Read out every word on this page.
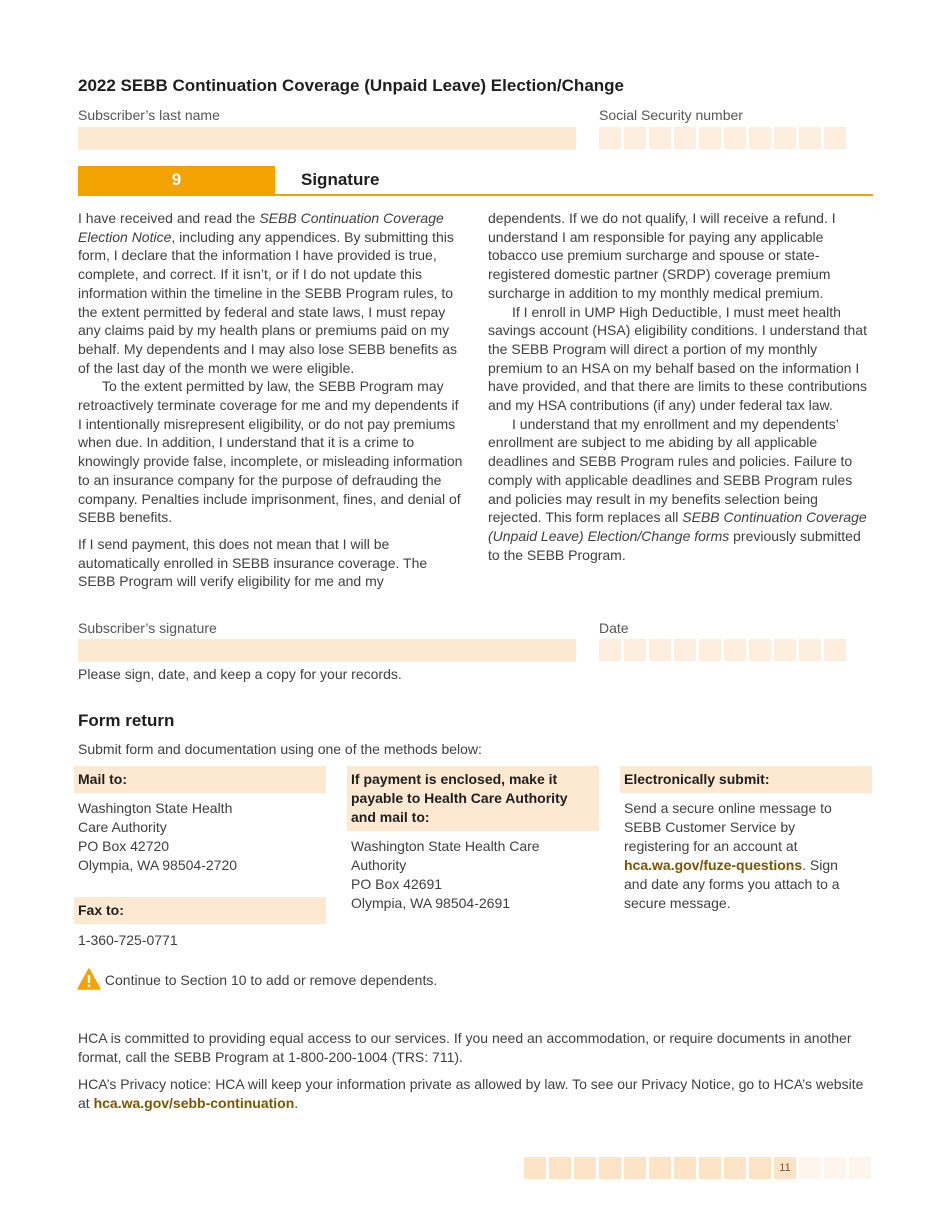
2022 SEBB Continuation Coverage (Unpaid Leave) Election/Change
Subscriber’s last name	Social Security number
9	Signature

I have received and read the SEBB Continuation Coverage Election Notice, including any appendices. By submitting this form, I declare that the information I have provided is true, complete, and correct. If it isn’t, or if I do not update this information within the timeline in the SEBB Program rules, to the extent permitted by federal and state laws, I must repay any claims paid by my health plans or premiums paid on my behalf. My dependents and I may also lose SEBB benefits as of the last day of the month we were eligible.

To the extent permitted by law, the SEBB Program may retroactively terminate coverage for me and my dependents if I intentionally misrepresent eligibility, or do not pay premiums when due. In addition, I understand that it is a crime to knowingly provide false, incomplete, or misleading information to an insurance company for the purpose of defrauding the company. Penalties include imprisonment, fines, and denial of SEBB benefits.

If I send payment, this does not mean that I will be automatically enrolled in SEBB insurance coverage. The SEBB Program will verify eligibility for me and my

dependents. If we do not qualify, I will receive a refund. I understand I am responsible for paying any applicable tobacco use premium surcharge and spouse or state-registered domestic partner (SRDP) coverage premium surcharge in addition to my monthly medical premium.

If I enroll in UMP High Deductible, I must meet health savings account (HSA) eligibility conditions. I understand that the SEBB Program will direct a portion of my monthly premium to an HSA on my behalf based on the information I have provided, and that there are limits to these contributions and my HSA contributions (if any) under federal tax law.

I understand that my enrollment and my dependents’ enrollment are subject to me abiding by all applicable deadlines and SEBB Program rules and policies. Failure to comply with applicable deadlines and SEBB Program rules and policies may result in my benefits selection being rejected. This form replaces all SEBB Continuation Coverage (Unpaid Leave) Election/Change forms previously submitted to the SEBB Program.

Subscriber’s signature	Date
Please sign, date, and keep a copy for your records.
Form return
Submit form and documentation using one of the methods below:
Mail to:
Washington State Health
Care Authority
PO Box 42720
Olympia, WA 98504-2720
Fax to:
1-360-725-0771
If payment is enclosed, make it payable to Health Care Authority and mail to:
Washington State Health Care
Authority
PO Box 42691
Olympia, WA 98504-2691
Electronically submit:
Send a secure online message to SEBB Customer Service by registering for an account at hca.wa.gov/fuze-questions. Sign and date any forms you attach to a secure message.
Continue to Section 10 to add or remove dependents.
HCA is committed to providing equal access to our services. If you need an accommodation, or require documents in another format, call the SEBB Program at 1-800-200-1004 (TRS: 711).
HCA’s Privacy notice: HCA will keep your information private as allowed by law. To see our Privacy Notice, go to HCA’s website at hca.wa.gov/sebb-continuation.
11
